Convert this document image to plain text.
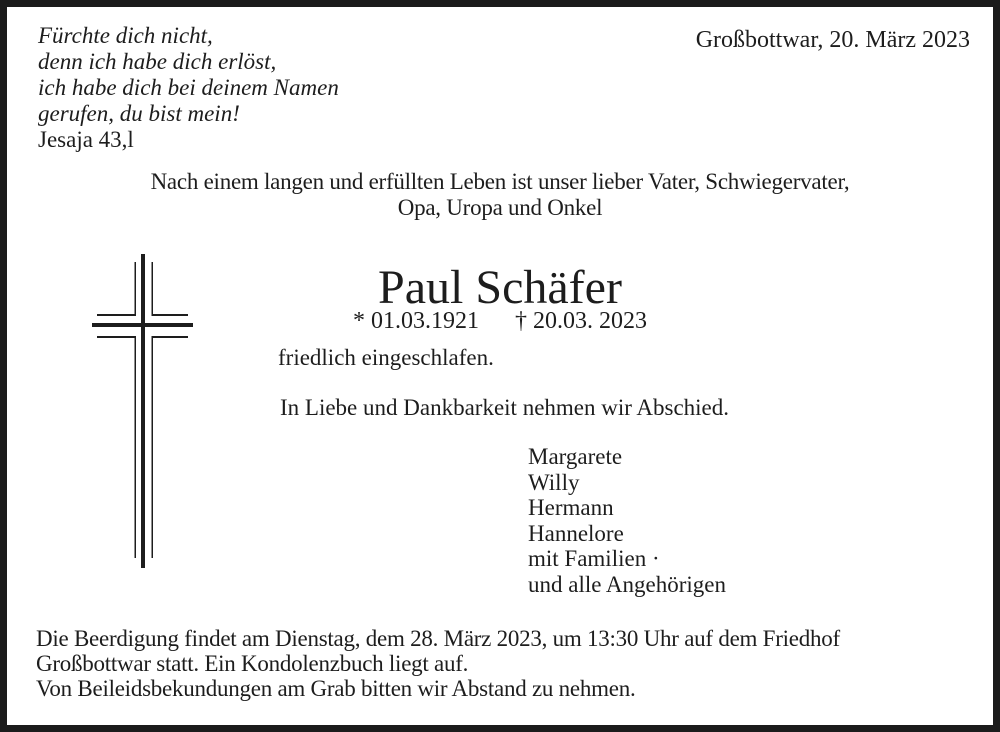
Fürchte dich nicht,
denn ich habe dich erlöst,
ich habe dich bei deinem Namen
gerufen, du bist mein!
Jesaja 43,l
Großbottwar, 20. März 2023
Nach einem langen und erfüllten Leben ist unser lieber Vater, Schwiegervater,
Opa, Uropa und Onkel
Paul Schäfer
* 01.03.1921 † 20.03. 2023
friedlich eingeschlafen.
In Liebe und Dankbarkeit nehmen wir Abschied.
Margarete
Willy
Hermann
Hannelore
mit Familien ·
und alle Angehörigen
Die Beerdigung findet am Dienstag, dem 28. März 2023, um 13:30 Uhr auf dem Friedhof
Großbottwar statt. Ein Kondolenzbuch liegt auf.
Von Beileidsbekundungen am Grab bitten wir Abstand zu nehmen.
